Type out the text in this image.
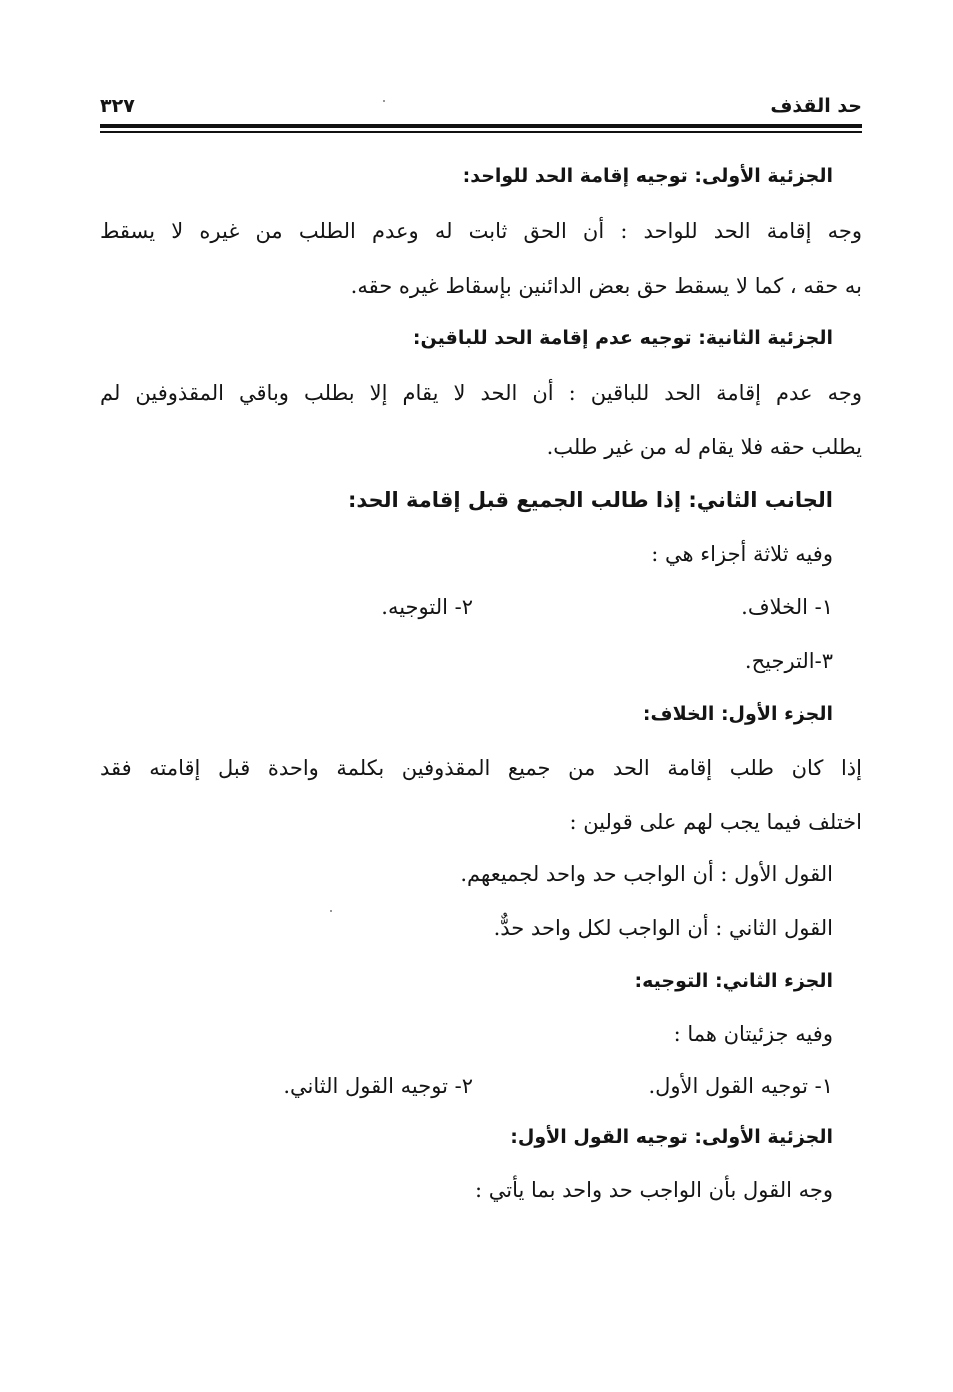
حد القذف
٣٢٧
الجزئية الأولى: توجيه إقامة الحد للواحد:
وجه إقامة الحد للواحد : أن الحق ثابت له وعدم الطلب من غيره لا يسقط
به حقه ، كما لا يسقط حق بعض الدائنين بإسقاط غيره حقه.
الجزئية الثانية: توجيه عدم إقامة الحد للباقين:
وجه عدم إقامة الحد للباقين : أن الحد لا يقام إلا بطلب وباقي المقذوفين لم
يطلب حقه فلا يقام له من غير طلب.
الجانب الثاني: إذا طالب الجميع قبل إقامة الحد:
وفيه ثلاثة أجزاء هي :
١- الخلاف.
٢- التوجيه.
٣-الترجيح.
الجزء الأول: الخلاف:
إذا كان طلب إقامة الحد من جميع المقذوفين بكلمة واحدة قبل إقامته فقد
اختلف فيما يجب لهم على قولين :
القول الأول : أن الواجب حد واحد لجميعهم.
القول الثاني : أن الواجب لكل واحد حدٌّ.
الجزء الثاني: التوجيه:
وفيه جزئيتان هما :
١- توجيه القول الأول.
٢- توجيه القول الثاني.
الجزئية الأولى: توجيه القول الأول:
وجه القول بأن الواجب حد واحد بما يأتي :
